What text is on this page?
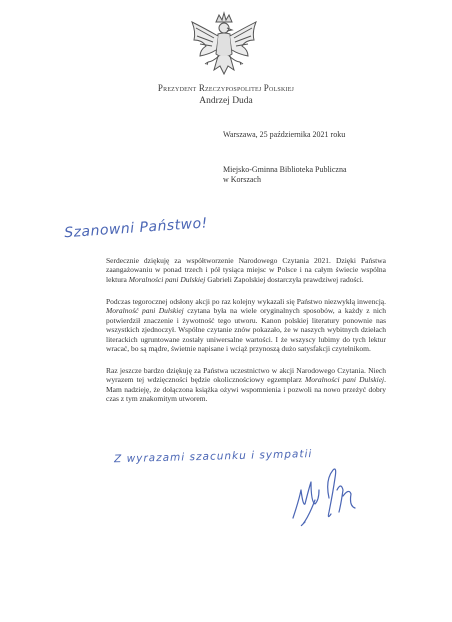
Prezydent Rzeczypospolitej Polskiej
Andrzej Duda
Warszawa, 25 października 2021 roku
Miejsko-Gminna Biblioteka Publiczna
w Korszach
Szanowni Państwo!

Serdecznie dziękuję za współtworzenie Narodowego Czytania 2021. Dzięki Państwa zaangażowaniu w ponad trzech i pół tysiąca miejsc w Polsce i na całym świecie wspólna lektura Moralności pani Dulskiej Gabrieli Zapolskiej dostarczyła prawdziwej radości.

Podczas tegorocznej odsłony akcji po raz kolejny wykazali się Państwo niezwykłą inwencją. Moralność pani Dulskiej czytana była na wiele oryginalnych sposobów, a każdy z nich potwierdził znaczenie i żywotność tego utworu. Kanon polskiej literatury ponownie nas wszystkich zjednoczył. Wspólne czytanie znów pokazało, że w naszych wybitnych dziełach literackich ugruntowane zostały uniwersalne wartości. I że wszyscy lubimy do tych lektur wracać, bo są mądre, świetnie napisane i wciąż przynoszą dużo satysfakcji czytelnikom.

Raz jeszcze bardzo dziękuję za Państwa uczestnictwo w akcji Narodowego Czytania. Niech wyrazem tej wdzięczności będzie okolicznościowy egzemplarz Moralności pani Dulskiej. Mam nadzieję, że dołączona książka ożywi wspomnienia i pozwoli na nowo przeżyć dobry czas z tym znakomitym utworem.

Z wyrazami szacunku i sympatii
